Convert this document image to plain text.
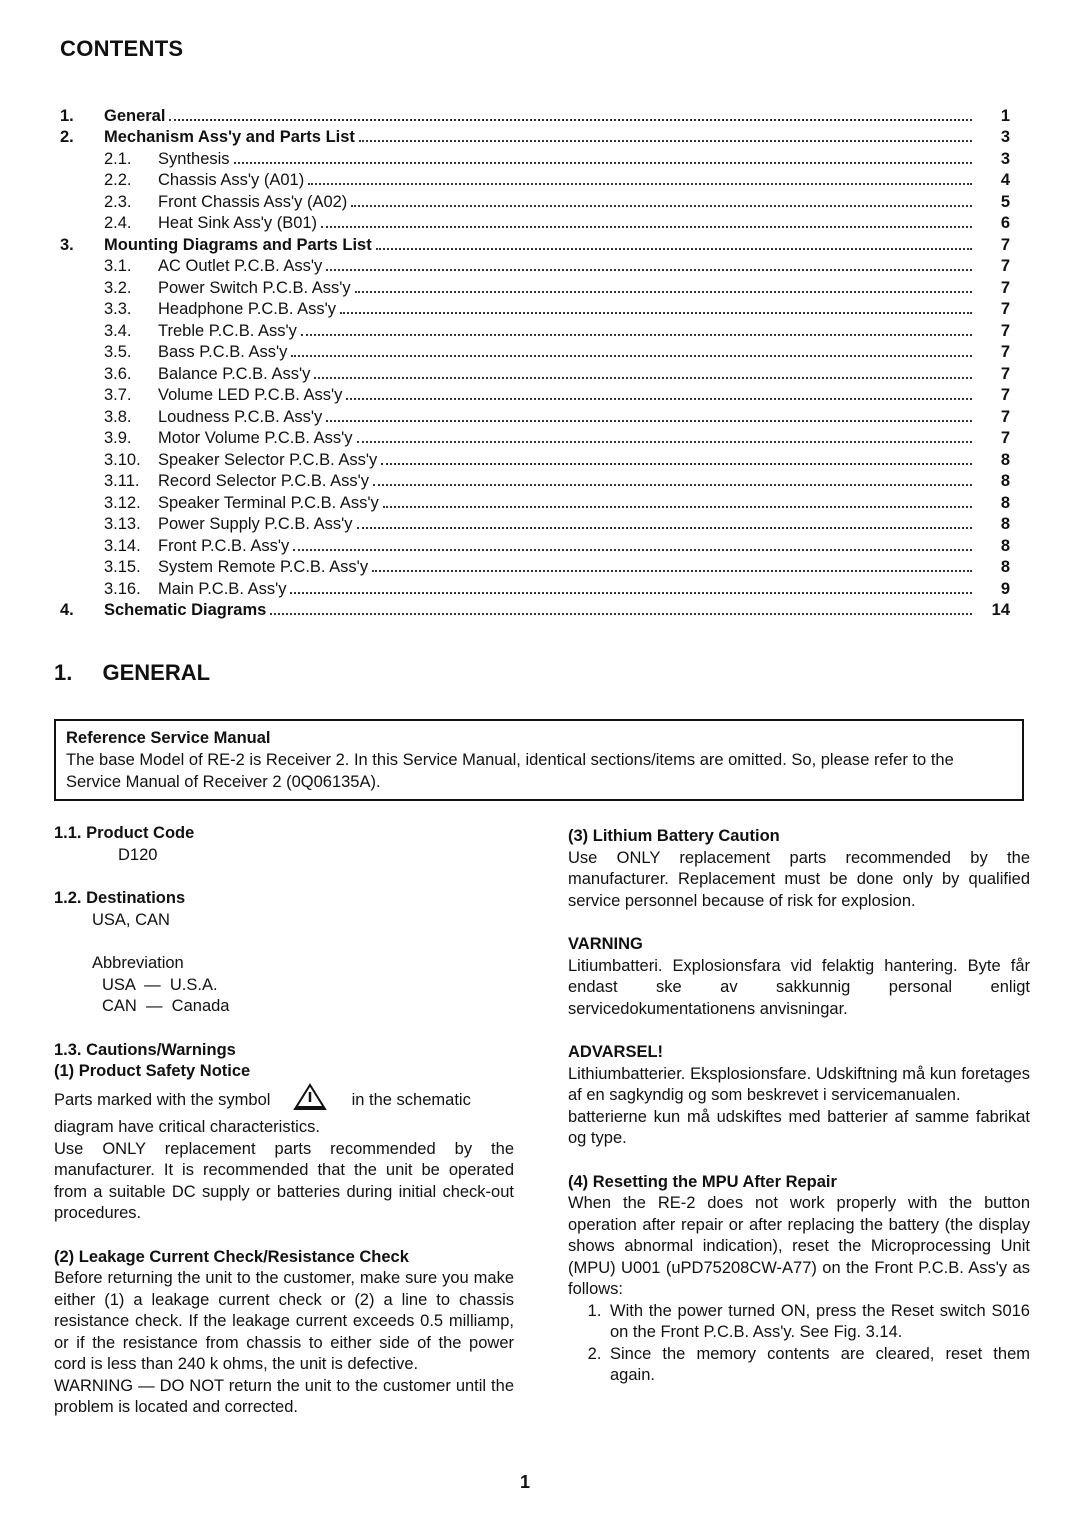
CONTENTS
1.	General	1
2.	Mechanism Ass'y and Parts List	3
2.1.	Synthesis	3
2.2.	Chassis Ass'y (A01)	4
2.3.	Front Chassis Ass'y (A02)	5
2.4.	Heat Sink Ass'y (B01)	6
3.	Mounting Diagrams and Parts List	7
3.1.	AC Outlet P.C.B. Ass'y	7
3.2.	Power Switch P.C.B. Ass'y	7
3.3.	Headphone P.C.B. Ass'y	7
3.4.	Treble P.C.B. Ass'y	7
3.5.	Bass P.C.B. Ass'y	7
3.6.	Balance P.C.B. Ass'y	7
3.7.	Volume LED P.C.B. Ass'y	7
3.8.	Loudness P.C.B. Ass'y	7
3.9.	Motor Volume P.C.B. Ass'y	7
3.10.	Speaker Selector P.C.B. Ass'y	8
3.11.	Record Selector P.C.B. Ass'y	8
3.12.	Speaker Terminal P.C.B. Ass'y	8
3.13.	Power Supply P.C.B. Ass'y	8
3.14.	Front P.C.B. Ass'y	8
3.15.	System Remote P.C.B. Ass'y	8
3.16.	Main P.C.B. Ass'y	9
4.	Schematic Diagrams	14
1. GENERAL
Reference Service Manual
The base Model of RE-2 is Receiver 2. In this Service Manual, identical sections/items are omitted. So, please refer to the Service Manual of Receiver 2 (0Q06135A).
1.1. Product Code
D120
1.2. Destinations
USA, CAN
Abbreviation
USA  —  U.S.A.
CAN  —  Canada
1.3. Cautions/Warnings
(1) Product Safety Notice
Parts marked with the symbol	in the schematic
diagram have critical characteristics.
Use ONLY replacement parts recommended by the manufacturer. It is recommended that the unit be operated from a suitable DC supply or batteries during initial check-out procedures.
(2) Leakage Current Check/Resistance Check
Before returning the unit to the customer, make sure you make either (1) a leakage current check or (2) a line to chassis resistance check. If the leakage current exceeds 0.5 milliamp, or if the resistance from chassis to either side of the power cord is less than 240 k ohms, the unit is defective.
WARNING — DO NOT return the unit to the customer until the problem is located and corrected.
(3) Lithium Battery Caution
Use ONLY replacement parts recommended by the manufacturer. Replacement must be done only by qualified service personnel because of risk for explosion.
VARNING
Litiumbatteri. Explosionsfara vid felaktig hantering. Byte får endast ske av sakkunnig personal enligt servicedokumentationens anvisningar.
ADVARSEL!
Lithiumbatterier. Eksplosionsfare. Udskiftning må kun foretages af en sagkyndig og som beskrevet i servicemanualen.
batterierne kun må udskiftes med batterier af samme fabrikat og type.
(4) Resetting the MPU After Repair
When the RE-2 does not work properly with the button operation after repair or after replacing the battery (the display shows abnormal indication), reset the Microprocessing Unit (MPU) U001 (uPD75208CW-A77) on the Front P.C.B. Ass'y as follows:
1. With the power turned ON, press the Reset switch S016 on the Front P.C.B. Ass'y. See Fig. 3.14.
2. Since the memory contents are cleared, reset them again.
1
